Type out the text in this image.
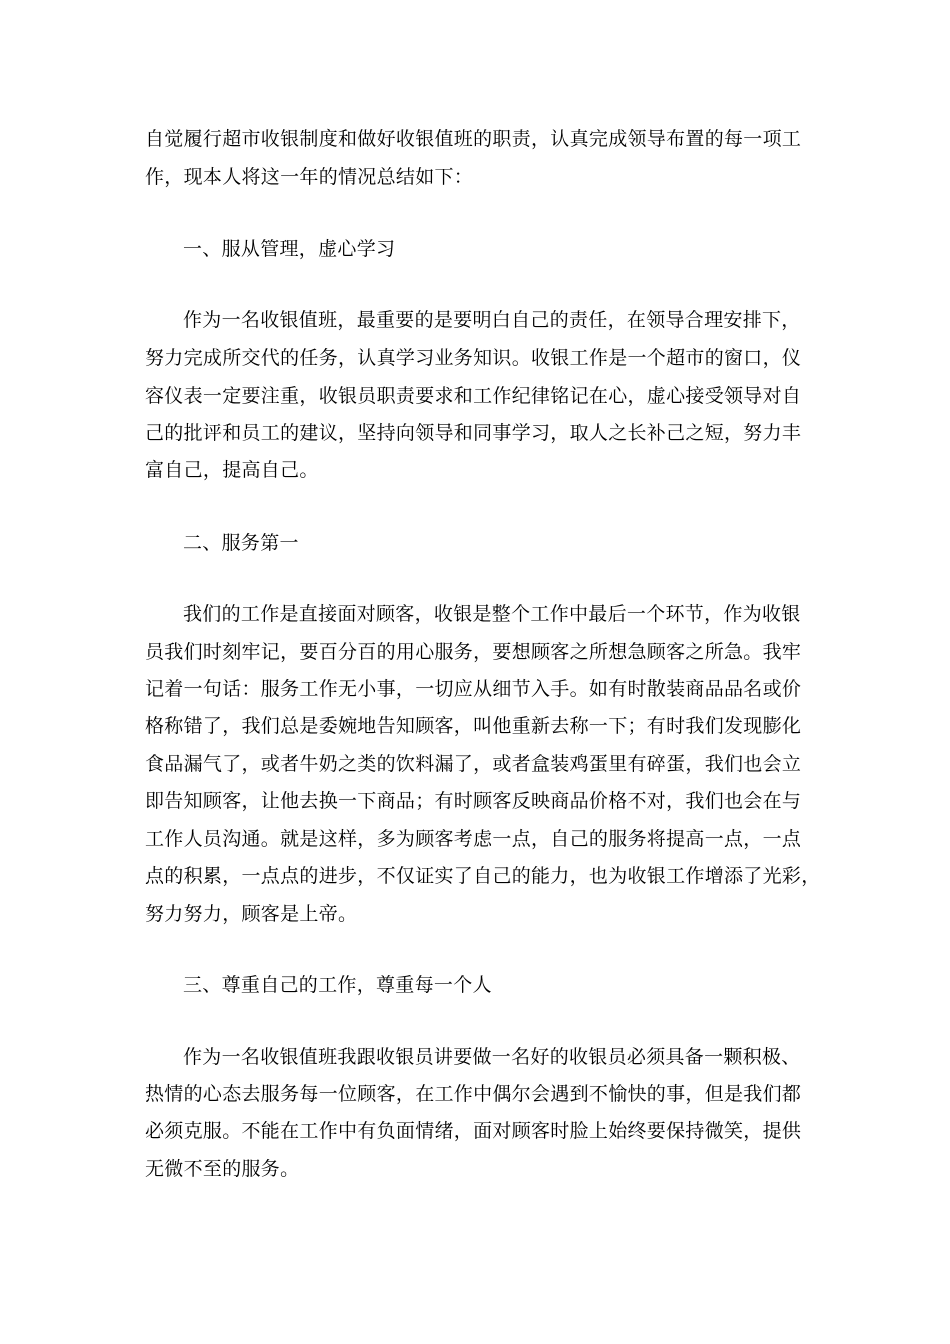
自觉履行超市收银制度和做好收银值班的职责，认真完成领导布置的每一项工
作，现本人将这一年的情况总结如下：
一、服从管理，虚心学习
作为一名收银值班，最重要的是要明白自己的责任，在领导合理安排下，
努力完成所交代的任务，认真学习业务知识。收银工作是一个超市的窗口，仪
容仪表一定要注重，收银员职责要求和工作纪律铭记在心，虚心接受领导对自
己的批评和员工的建议，坚持向领导和同事学习，取人之长补己之短，努力丰
富自己，提高自己。
二、服务第一
我们的工作是直接面对顾客，收银是整个工作中最后一个环节，作为收银
员我们时刻牢记，要百分百的用心服务，要想顾客之所想急顾客之所急。我牢
记着一句话：服务工作无小事，一切应从细节入手。如有时散装商品品名或价
格称错了，我们总是委婉地告知顾客，叫他重新去称一下；有时我们发现膨化
食品漏气了，或者牛奶之类的饮料漏了，或者盒装鸡蛋里有碎蛋，我们也会立
即告知顾客，让他去换一下商品；有时顾客反映商品价格不对，我们也会在与
工作人员沟通。就是这样，多为顾客考虑一点，自己的服务将提高一点，一点
点的积累，一点点的进步，不仅证实了自己的能力，也为收银工作增添了光彩，
努力努力，顾客是上帝。
三、尊重自己的工作，尊重每一个人
作为一名收银值班我跟收银员讲要做一名好的收银员必须具备一颗积极、
热情的心态去服务每一位顾客，在工作中偶尔会遇到不愉快的事，但是我们都
必须克服。不能在工作中有负面情绪，面对顾客时脸上始终要保持微笑，提供
无微不至的服务。
